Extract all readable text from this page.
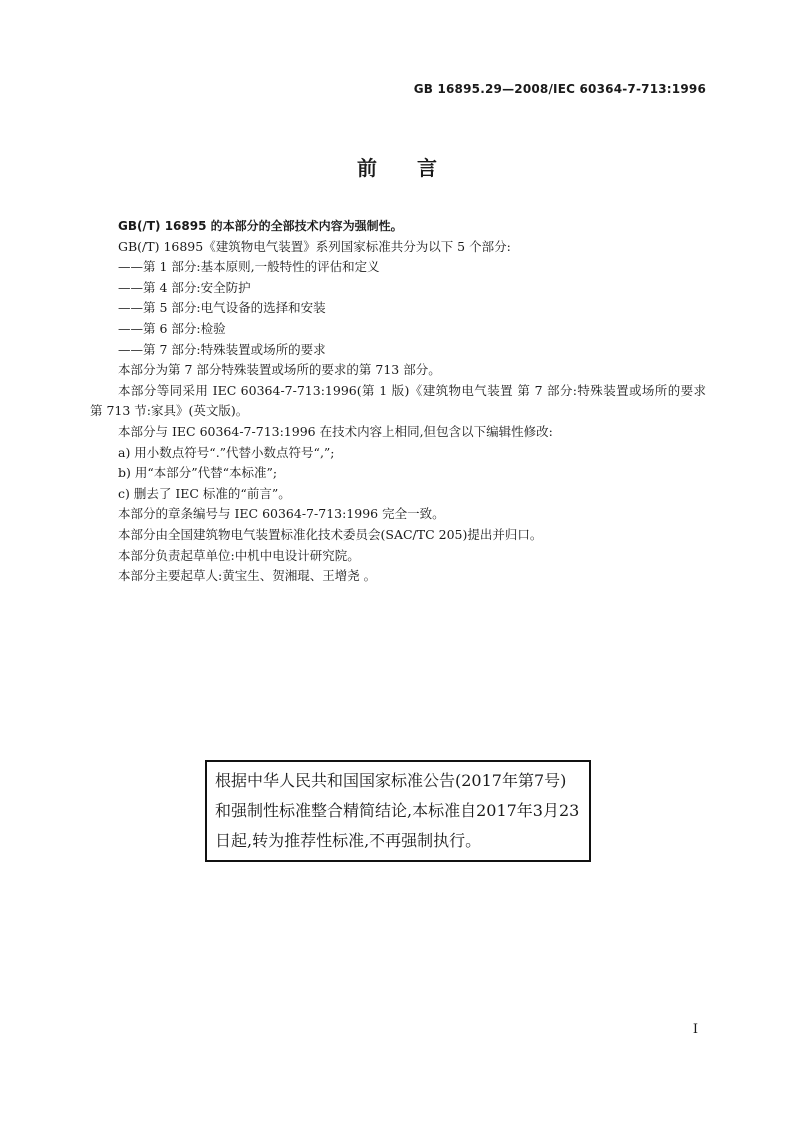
GB 16895.29—2008/IEC 60364-7-713:1996
前 言

GB(/T) 16895 的本部分的全部技术内容为强制性。

GB(/T) 16895《建筑物电气装置》系列国家标准共分为以下 5 个部分:

——第 1 部分:基本原则,一般特性的评估和定义

——第 4 部分:安全防护

——第 5 部分:电气设备的选择和安装

——第 6 部分:检验

——第 7 部分:特殊装置或场所的要求

本部分为第 7 部分特殊装置或场所的要求的第 713 部分。

本部分等同采用 IEC 60364-7-713:1996(第 1 版)《建筑物电气装置 第 7 部分:特殊装置或场所的要求 第 713 节:家具》(英文版)。

本部分与 IEC 60364-7-713:1996 在技术内容上相同,但包含以下编辑性修改:

a) 用小数点符号“.”代替小数点符号“,”;

b) 用“本部分”代替“本标准”;

c) 删去了 IEC 标准的“前言”。

本部分的章条编号与 IEC 60364-7-713:1996 完全一致。

本部分由全国建筑物电气装置标准化技术委员会(SAC/TC 205)提出并归口。

本部分负责起草单位:中机中电设计研究院。

本部分主要起草人:黄宝生、贺湘琨、王增尧 。

根据中华人民共和国国家标准公告(2017年第7号)和强制性标准整合精简结论,本标准自2017年3月23日起,转为推荐性标准,不再强制执行。
I
